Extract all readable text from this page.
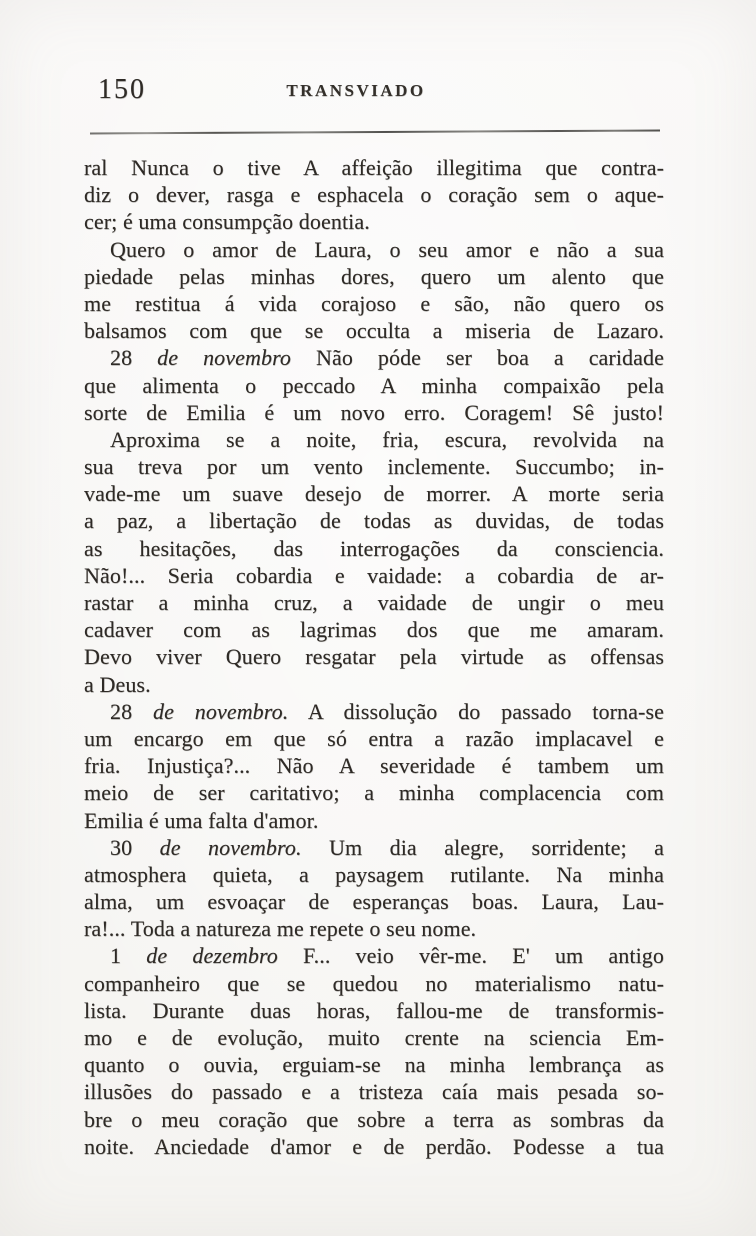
150	TRANSVIADO
ral Nunca o tive A affeição illegitima que contra-
diz o dever, rasga e esphacela o coração sem o aque-
cer; é uma consumpção doentia.
Quero o amor de Laura, o seu amor e não a sua
piedade pelas minhas dores, quero um alento que
me restitua á vida corajoso e são, não quero os
balsamos com que se occulta a miseria de Lazaro.
28 de novembro Não póde ser boa a caridade
que alimenta o peccado A minha compaixão pela
sorte de Emilia é um novo erro. Coragem! Sê justo!
Aproxima se a noite, fria, escura, revolvida na
sua treva por um vento inclemente. Succumbo; in-
vade-me um suave desejo de morrer. A morte seria
a paz, a libertação de todas as duvidas, de todas
as hesitações, das interrogações da consciencia.
Não!... Seria cobardia e vaidade: a cobardia de ar-
rastar a minha cruz, a vaidade de ungir o meu
cadaver com as lagrimas dos que me amaram.
Devo viver Quero resgatar pela virtude as offensas
a Deus.
28 de novembro. A dissolução do passado torna-se
um encargo em que só entra a razão implacavel e
fria. Injustiça?... Não A severidade é tambem um
meio de ser caritativo; a minha complacencia com
Emilia é uma falta d'amor.
30 de novembro. Um dia alegre, sorridente; a
atmosphera quieta, a paysagem rutilante. Na minha
alma, um esvoaçar de esperanças boas. Laura, Lau-
ra!... Toda a natureza me repete o seu nome.
1 de dezembro F... veio vêr-me. E' um antigo
companheiro que se quedou no materialismo natu-
lista. Durante duas horas, fallou-me de transformis-
mo e de evolução, muito crente na sciencia Em-
quanto o ouvia, erguiam-se na minha lembrança as
illusões do passado e a tristeza caía mais pesada so-
bre o meu coração que sobre a terra as sombras da
noite. Anciedade d'amor e de perdão. Podesse a tua
